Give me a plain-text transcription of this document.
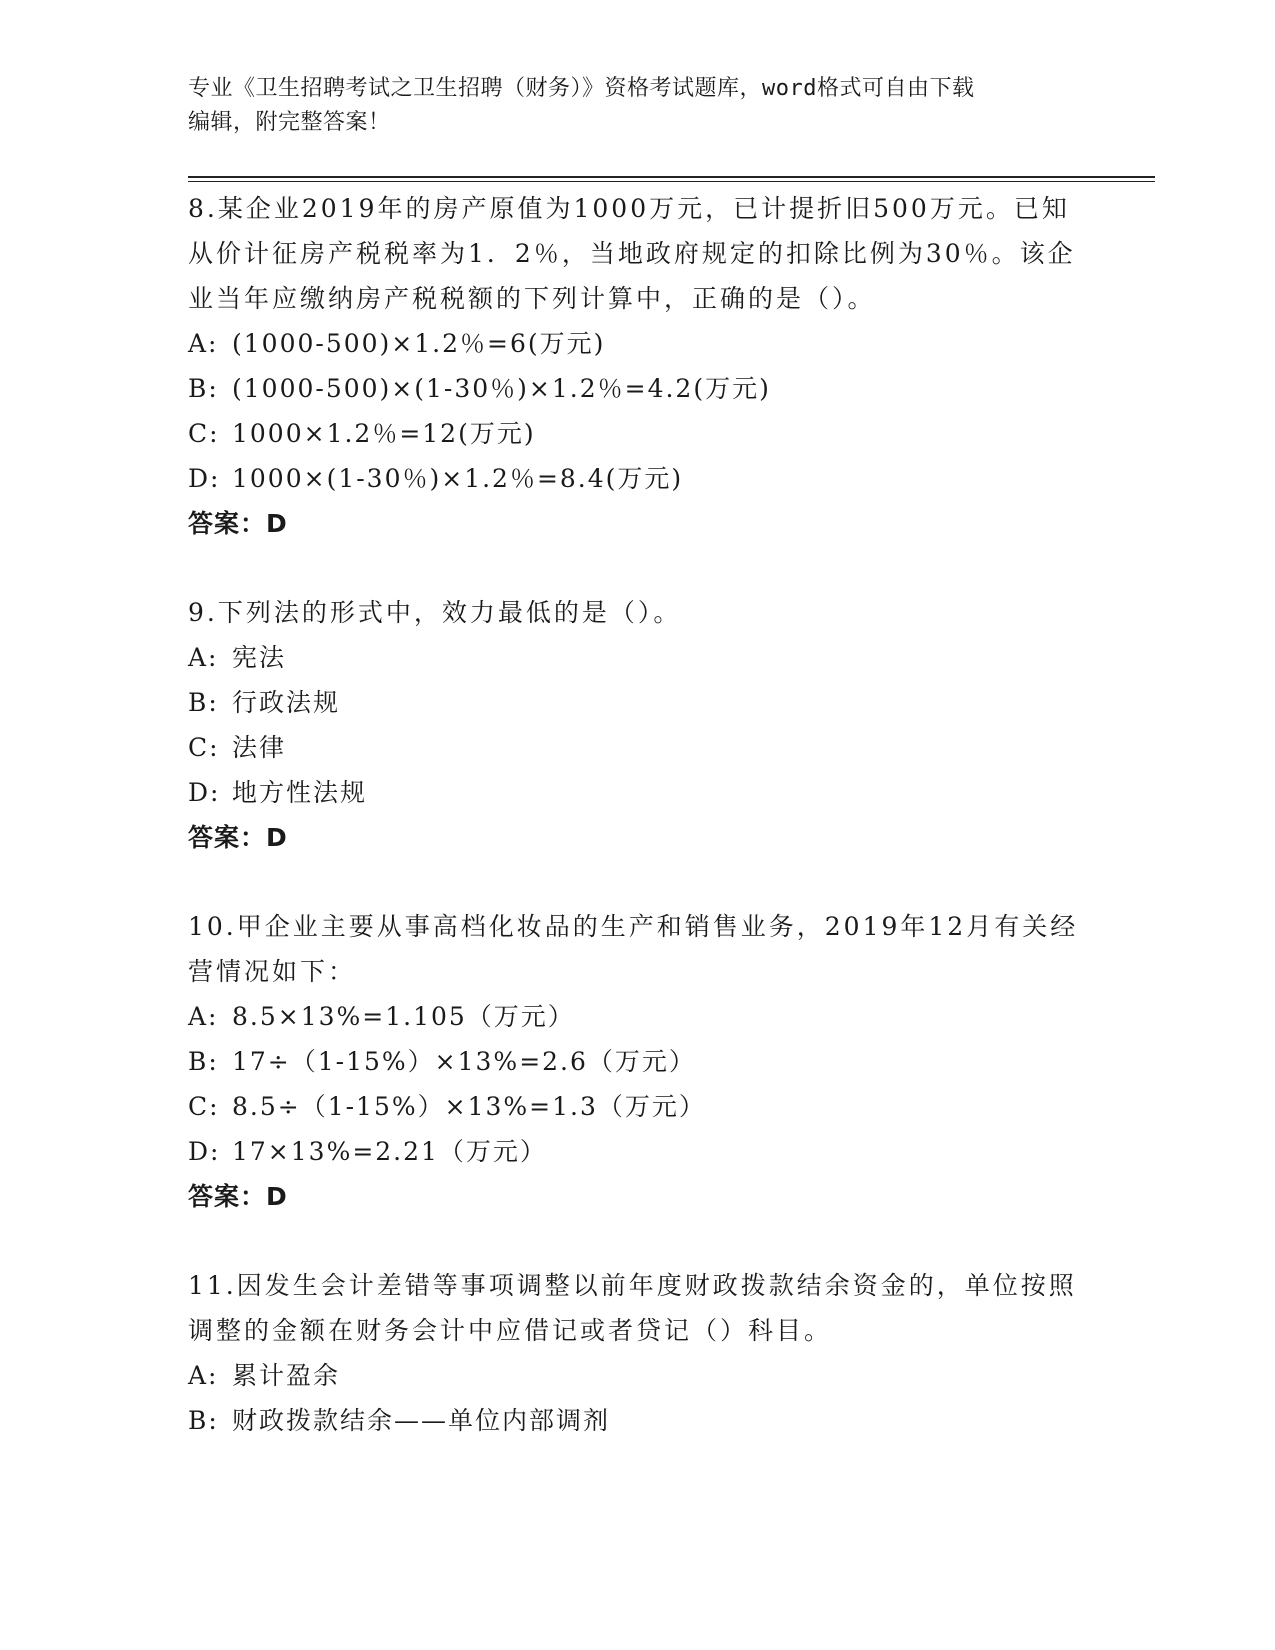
专业《卫生招聘考试之卫生招聘（财务）》资格考试题库，word格式可自由下载
编辑，附完整答案！
8.某企业2019年的房产原值为1000万元，已计提折旧500万元。已知从价计征房产税税率为1．2％，当地政府规定的扣除比例为30％。该企业当年应缴纳房产税税额的下列计算中，正确的是（）。
A: (1000-500)×1.2％=6(万元)
B: (1000-500)×(1-30％)×1.2％=4.2(万元)
C: 1000×1.2％=12(万元)
D: 1000×(1-30％)×1.2％=8.4(万元)
答案：D
9.下列法的形式中，效力最低的是（）。
A: 宪法
B: 行政法规
C: 法律
D: 地方性法规
答案：D
10.甲企业主要从事高档化妆品的生产和销售业务，2019年12月有关经营情况如下：
A: 8.5×13%=1.105（万元）
B: 17÷（1-15%）×13%=2.6（万元）
C: 8.5÷（1-15%）×13%=1.3（万元）
D: 17×13%=2.21（万元）
答案：D
11.因发生会计差错等事项调整以前年度财政拨款结余资金的，单位按照调整的金额在财务会计中应借记或者贷记（）科目。
A: 累计盈余
B: 财政拨款结余——单位内部调剂
